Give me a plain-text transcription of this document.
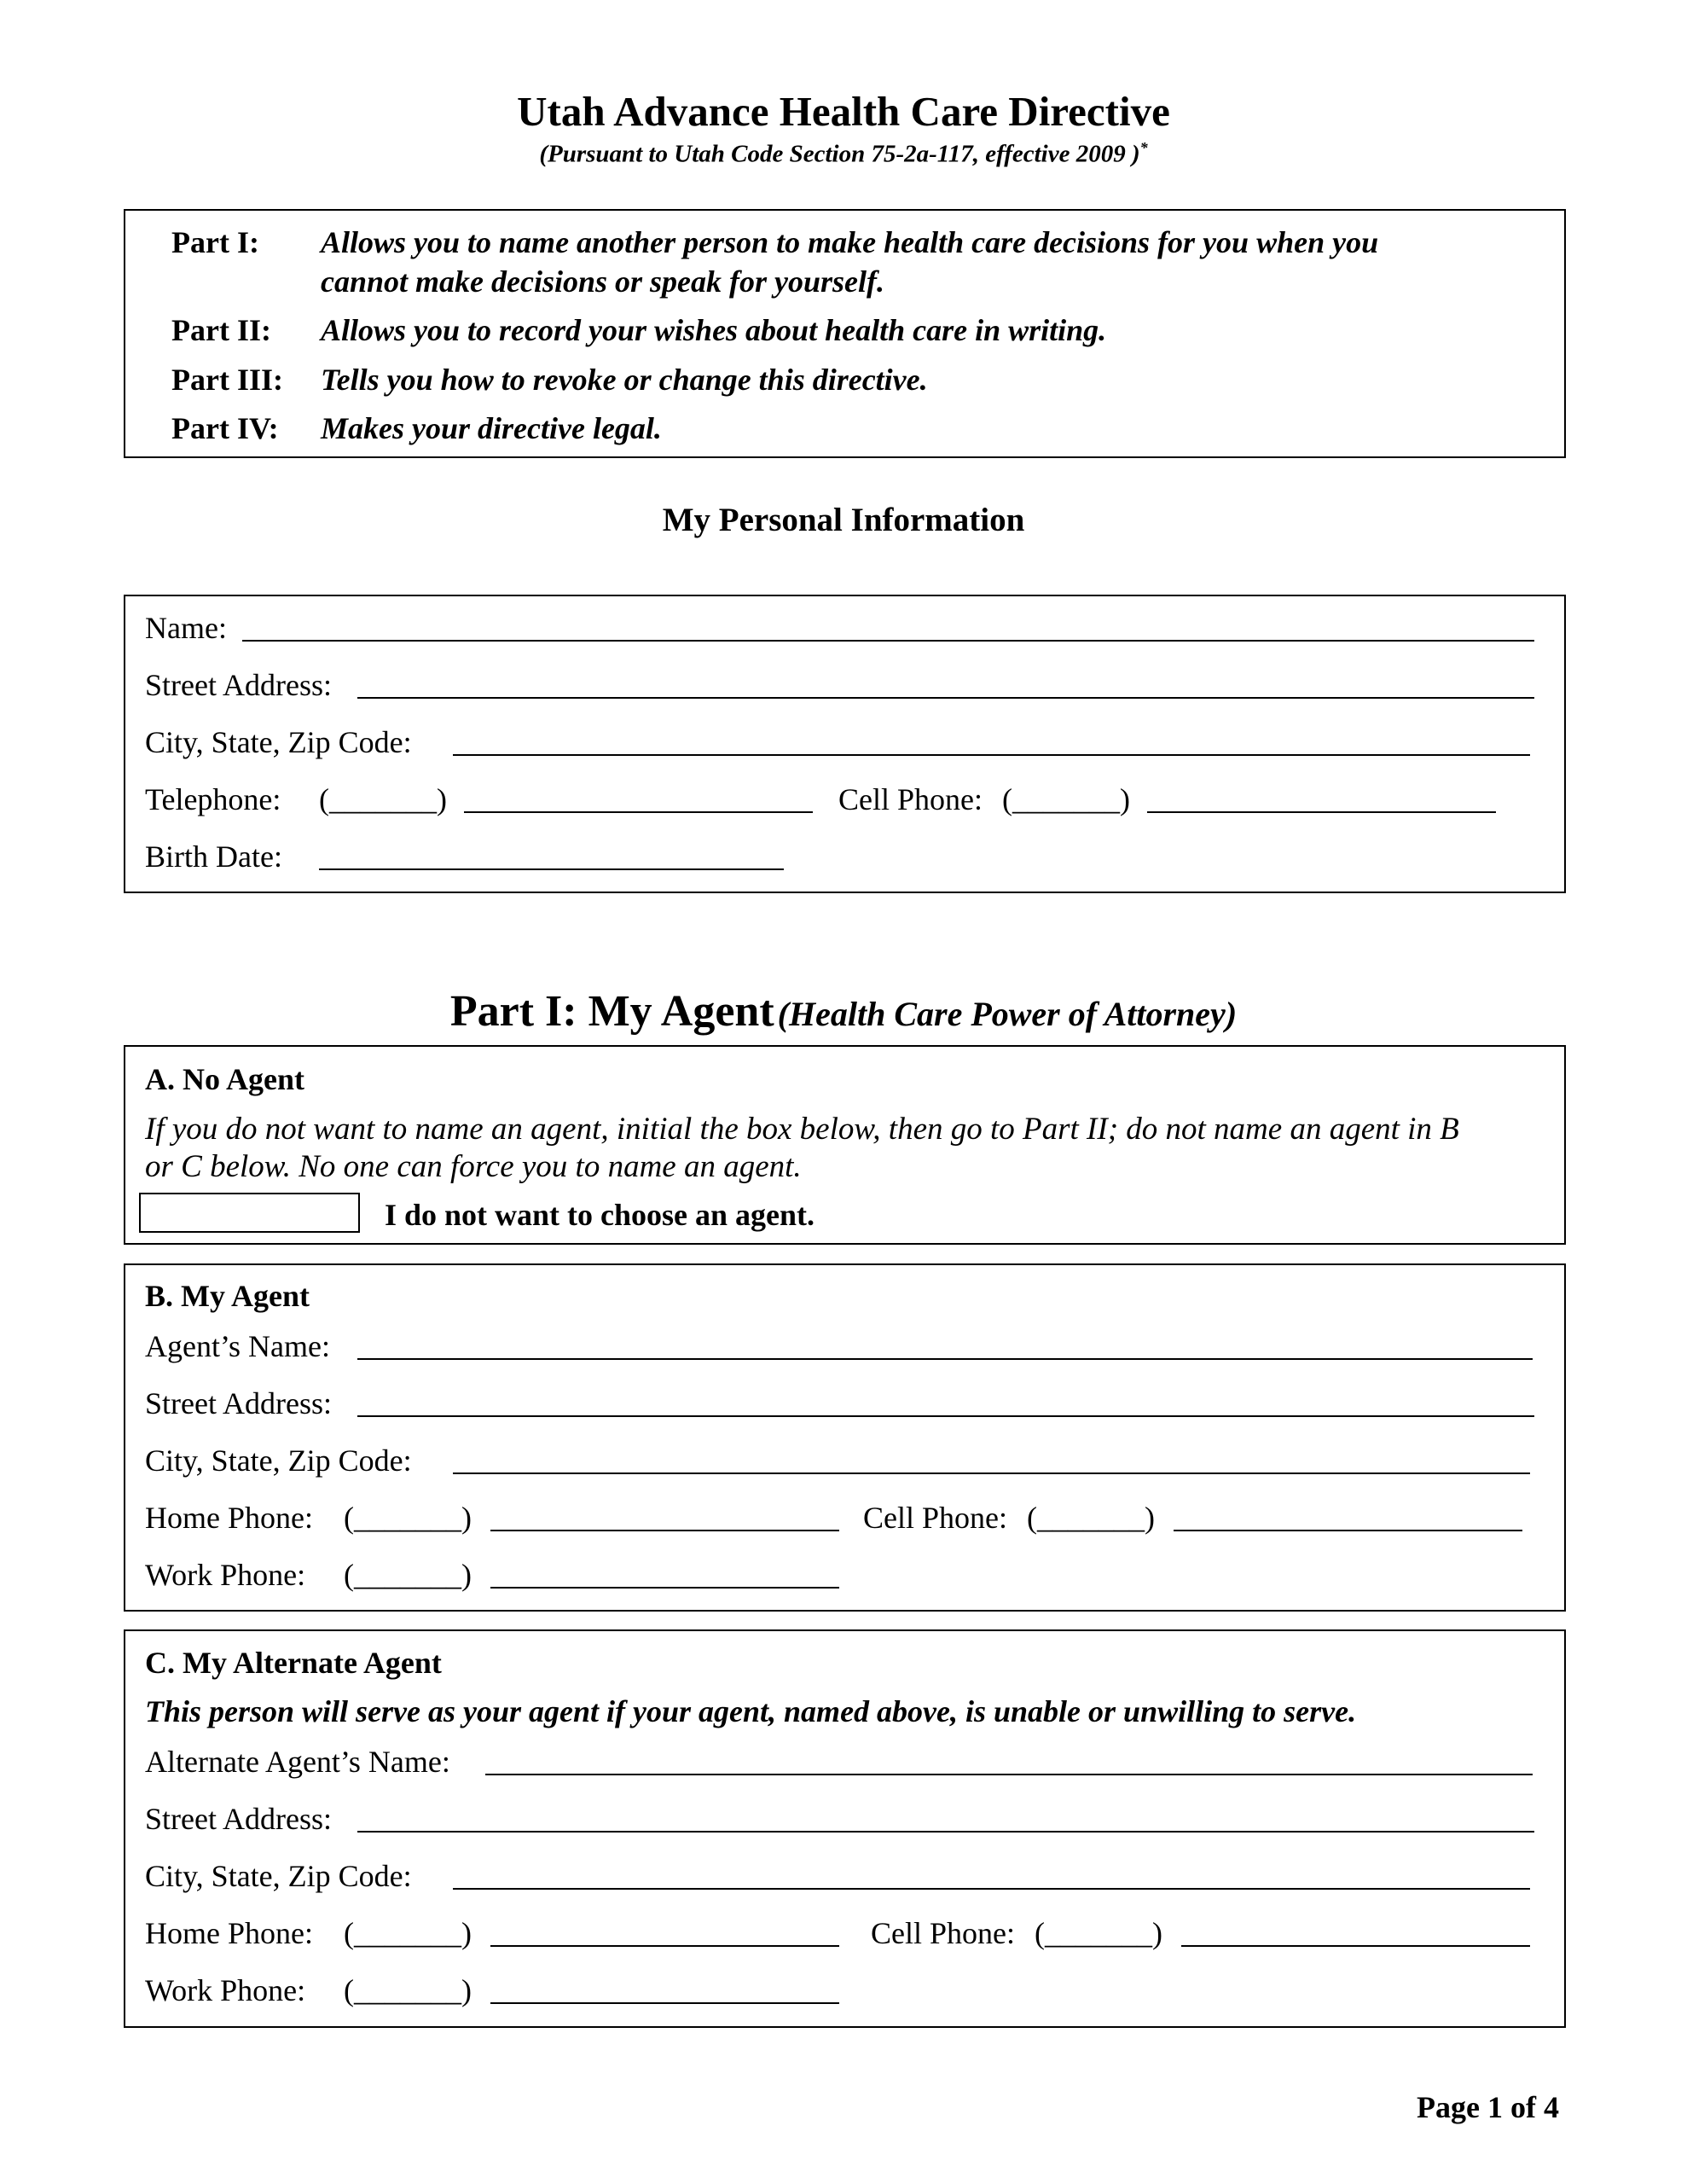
Utah Advance Health Care Directive
(Pursuant to Utah Code Section 75-2a-117, effective 2009 )*
Part I: Allows you to name another person to make health care decisions for you when you
cannot make decisions or speak for yourself.
Part II: Allows you to record your wishes about health care in writing.
Part III: Tells you how to revoke or change this directive.
Part IV: Makes your directive legal.
My Personal Information
Name:
Street Address:
City, State, Zip Code:
Telephone: (_______)	Cell Phone: (_______)
Birth Date:
Part I: My Agent (Health Care Power of Attorney)
A. No Agent
If you do not want to name an agent, initial the box below, then go to Part II; do not name an agent in B
or C below. No one can force you to name an agent.
I do not want to choose an agent.
B. My Agent
Agent’s Name:
Street Address:
City, State, Zip Code:
Home Phone: (_______)	Cell Phone: (_______)
Work Phone: (_______)
C. My Alternate Agent
This person will serve as your agent if your agent, named above, is unable or unwilling to serve.
Alternate Agent’s Name:
Street Address:
City, State, Zip Code:
Home Phone: (_______)	Cell Phone: (_______)
Work Phone: (_______)
Page 1 of 4
